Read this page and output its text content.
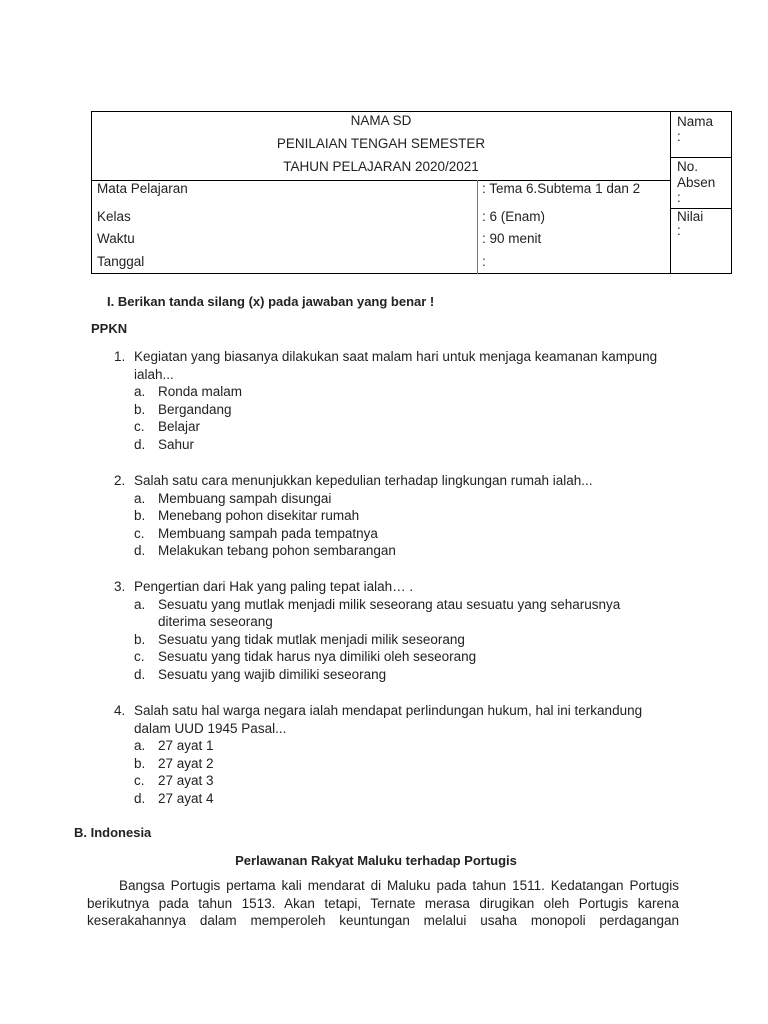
NAMA SD
PENILAIAN TENGAH SEMESTER
TAHUN PELAJARAN 2020/2021
Mata Pelajaran	: Tema 6.Subtema 1 dan 2
Kelas	: 6 (Enam)
Waktu	: 90 menit
Tanggal	:
Nama
:
No.
Absen
:
Nilai
:
I. Berikan tanda silang (x) pada jawaban yang benar !
PPKN
1. Kegiatan yang biasanya dilakukan saat malam hari untuk menjaga keamanan kampung
ialah...
a. Ronda malam
b. Bergandang
c. Belajar
d. Sahur
2. Salah satu cara menunjukkan kepedulian terhadap lingkungan rumah ialah...
a. Membuang sampah disungai
b. Menebang pohon disekitar rumah
c. Membuang sampah pada tempatnya
d. Melakukan tebang pohon sembarangan
3. Pengertian dari Hak yang paling tepat ialah… .
a. Sesuatu yang mutlak menjadi milik seseorang atau sesuatu yang seharusnya
diterima seseorang
b. Sesuatu yang tidak mutlak menjadi milik seseorang
c. Sesuatu yang tidak harus nya dimiliki oleh seseorang
d. Sesuatu yang wajib dimiliki seseorang
4. Salah satu hal warga negara ialah mendapat perlindungan hukum, hal ini terkandung
dalam UUD 1945 Pasal...
a. 27 ayat 1
b. 27 ayat 2
c. 27 ayat 3
d. 27 ayat 4
B. Indonesia
Perlawanan Rakyat Maluku terhadap Portugis
Bangsa Portugis pertama kali mendarat di Maluku pada tahun 1511. Kedatangan Portugis
berikutnya pada tahun 1513. Akan tetapi, Ternate merasa dirugikan oleh Portugis karena
keserakahannya dalam memperoleh keuntungan melalui usaha monopoli perdagangan
